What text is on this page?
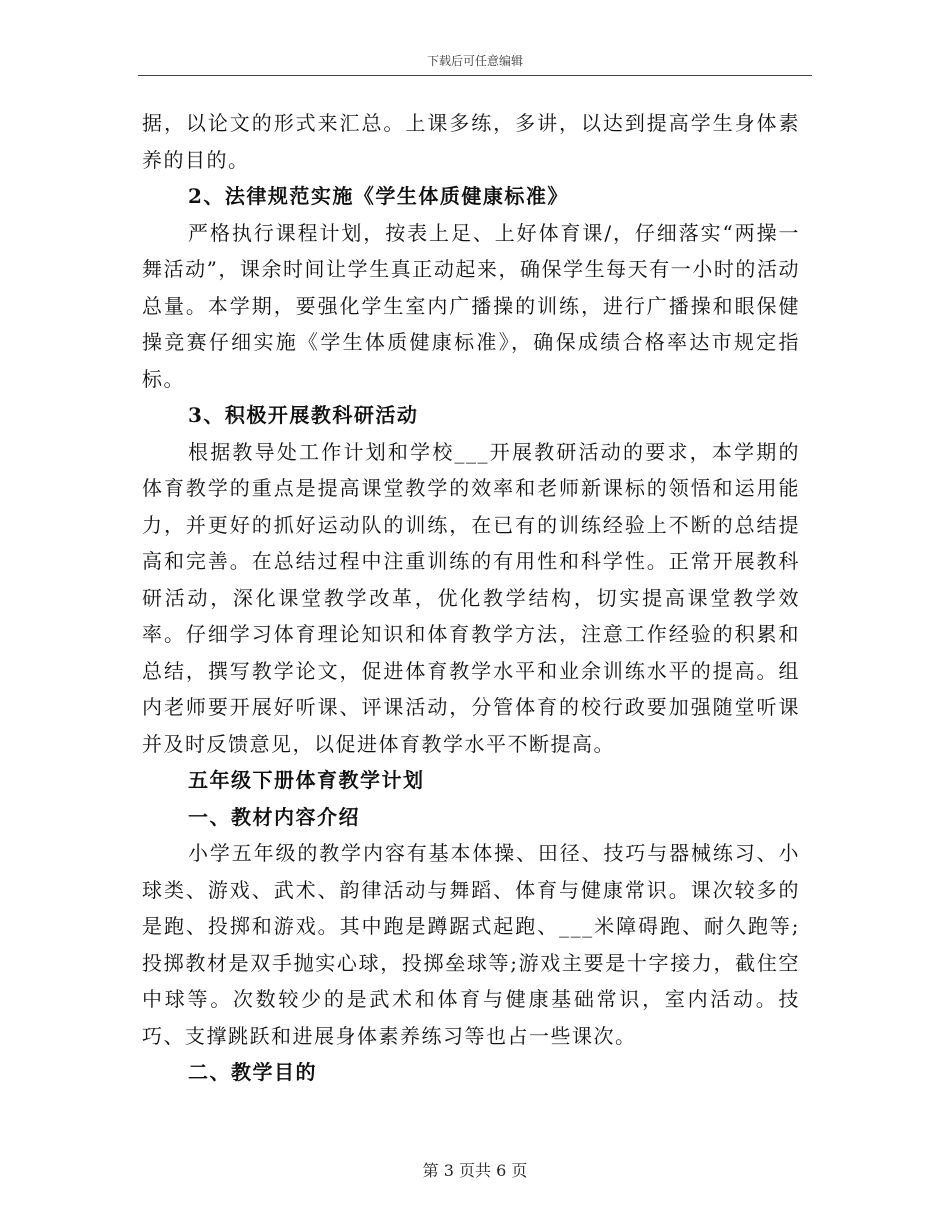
下载后可任意编辑

据，以论文的形式来汇总。上课多练，多讲，以达到提高学生身体素养的目的。

2、法律规范实施《学生体质健康标准》

严格执行课程计划，按表上足、上好体育课/，仔细落实“两操一舞活动”，课余时间让学生真正动起来，确保学生每天有一小时的活动总量。本学期，要强化学生室内广播操的训练，进行广播操和眼保健操竞赛仔细实施《学生体质健康标准》，确保成绩合格率达市规定指标。

3、积极开展教科研活动

根据教导处工作计划和学校___开展教研活动的要求，本学期的体育教学的重点是提高课堂教学的效率和老师新课标的领悟和运用能力，并更好的抓好运动队的训练，在已有的训练经验上不断的总结提高和完善。在总结过程中注重训练的有用性和科学性。正常开展教科研活动，深化课堂教学改革，优化教学结构，切实提高课堂教学效率。仔细学习体育理论知识和体育教学方法，注意工作经验的积累和总结，撰写教学论文，促进体育教学水平和业余训练水平的提高。组内老师要开展好听课、评课活动，分管体育的校行政要加强随堂听课并及时反馈意见，以促进体育教学水平不断提高。

五年级下册体育教学计划

一、教材内容介绍

小学五年级的教学内容有基本体操、田径、技巧与器械练习、小球类、游戏、武术、韵律活动与舞蹈、体育与健康常识。课次较多的是跑、投掷和游戏。其中跑是蹲踞式起跑、___米障碍跑、耐久跑等;投掷教材是双手抛实心球，投掷垒球等;游戏主要是十字接力，截住空中球等。次数较少的是武术和体育与健康基础常识，室内活动。技巧、支撑跳跃和进展身体素养练习等也占一些课次。

二、教学目的

第 3 页共 6 页
